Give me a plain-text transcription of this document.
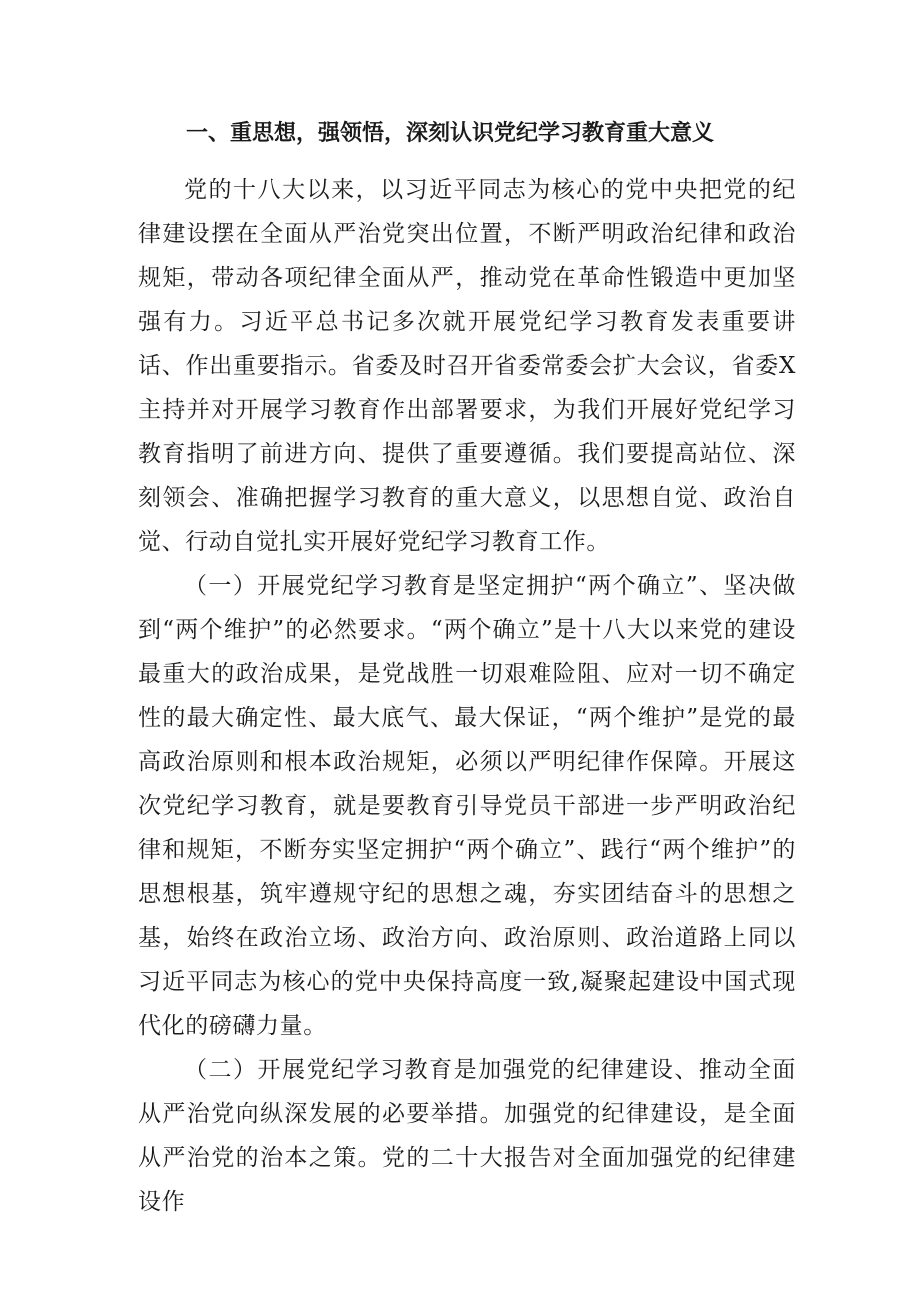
一、重思想，强领悟，深刻认识党纪学习教育重大意义

党的十八大以来，以习近平同志为核心的党中央把党的纪律建设摆在全面从严治党突出位置，不断严明政治纪律和政治规矩，带动各项纪律全面从严，推动党在革命性锻造中更加坚强有力。习近平总书记多次就开展党纪学习教育发表重要讲话、作出重要指示。省委及时召开省委常委会扩大会议，省委X主持并对开展学习教育作出部署要求，为我们开展好党纪学习教育指明了前进方向、提供了重要遵循。我们要提高站位、深刻领会、准确把握学习教育的重大意义，以思想自觉、政治自觉、行动自觉扎实开展好党纪学习教育工作。

（一）开展党纪学习教育是坚定拥护“两个确立”、坚决做到“两个维护”的必然要求。“两个确立”是十八大以来党的建设最重大的政治成果，是党战胜一切艰难险阻、应对一切不确定性的最大确定性、最大底气、最大保证，“两个维护”是党的最高政治原则和根本政治规矩，必须以严明纪律作保障。开展这次党纪学习教育，就是要教育引导党员干部进一步严明政治纪律和规矩，不断夯实坚定拥护“两个确立”、践行“两个维护”的思想根基，筑牢遵规守纪的思想之魂，夯实团结奋斗的思想之基，始终在政治立场、政治方向、政治原则、政治道路上同以习近平同志为核心的党中央保持高度一致,凝聚起建设中国式现代化的磅礴力量。

（二）开展党纪学习教育是加强党的纪律建设、推动全面从严治党向纵深发展的必要举措。加强党的纪律建设，是全面从严治党的治本之策。党的二十大报告对全面加强党的纪律建设作
